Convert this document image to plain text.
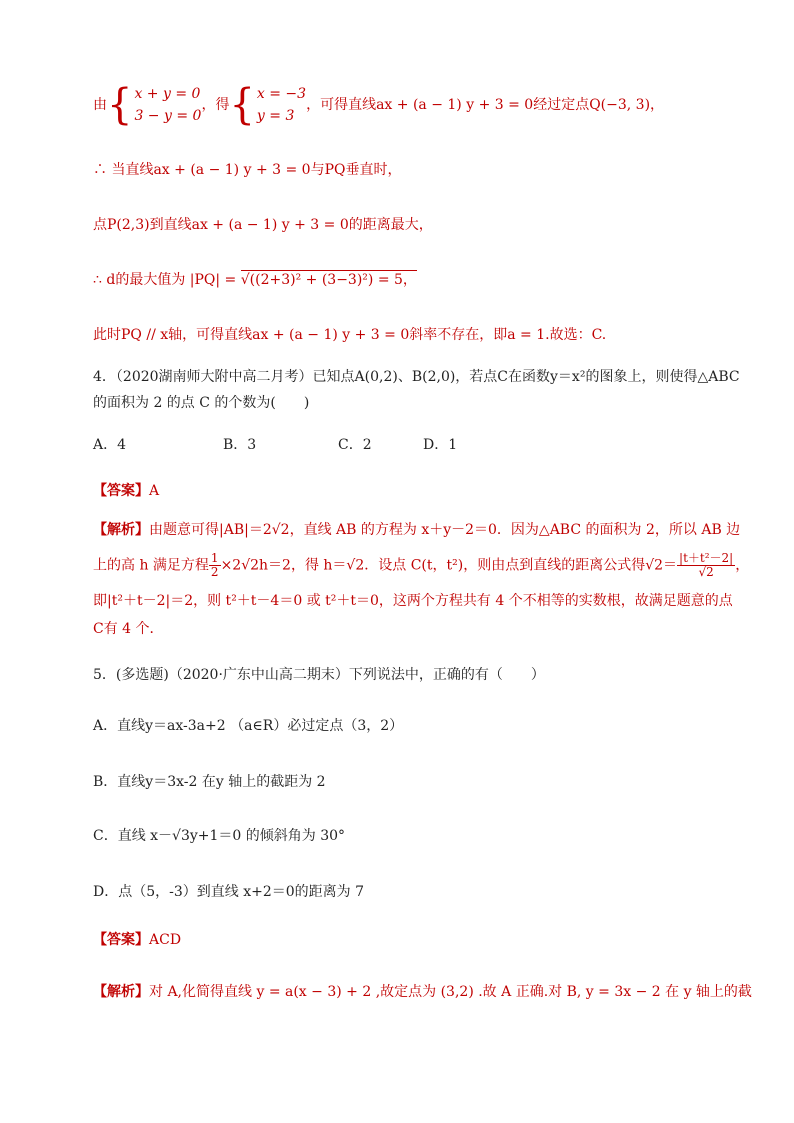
由{ x + y = 0
3 − y = 0
，得{ x = −3
y = 3
，可得直线ax + (a − 1) y + 3 = 0经过定点Q(−3, 3)，
∴ 当直线ax + (a − 1) y + 3 = 0与PQ垂直时，
点P(2,3)到直线ax + (a − 1) y + 3 = 0的距离最大，
∴ d的最大值为 |PQ| = √((2+3)² + (3−3)²) = 5，
此时PQ // x轴，可得直线ax + (a − 1) y + 3 = 0斜率不存在，即a = 1.故选：C.
4．（2020湖南师大附中高二月考）已知点A(0,2)、B(2,0)，若点C在函数y＝x²的图象上，则使得△ABC
的面积为 2 的点 C 的个数为(　　)
A．4	B．3	C．2	D．1
【答案】A
【解析】由题意可得|AB|＝2√2，直线 AB 的方程为 x＋y－2＝0．因为△ABC 的面积为 2，所以 AB 边
上的高 h 满足方程 $\frac{1}{2} \times 2√2h=2$，得 h＝√2．设点 C(t，t²)，则由点到直线的距离公式得$√2= \frac{\text{|t＋t²－2|}}{√2}$ ，
即|t²＋t－2|＝2，则 t²＋t－4＝0 或 t²＋t＝0，这两个方程共有 4 个不相等的实数根，故满足题意的点
C有 4 个．
5．(多选题)（2020·广东中山高二期末）下列说法中，正确的有（　　）
A．直线y＝ax-3a+2 （a∈R）必过定点（3，2）
B．直线y＝3x-2 在y 轴上的截距为 2
C．直线 x－√3y+1＝0 的倾斜角为 30°
D．点（5，-3）到直线 x+2＝0的距离为 7
【答案】ACD
【解析】对 A,化简得直线 y = a(x − 3) + 2 ,故定点为 (3,2) .故 A 正确.对 B, y = 3x − 2 在 y 轴上的截
